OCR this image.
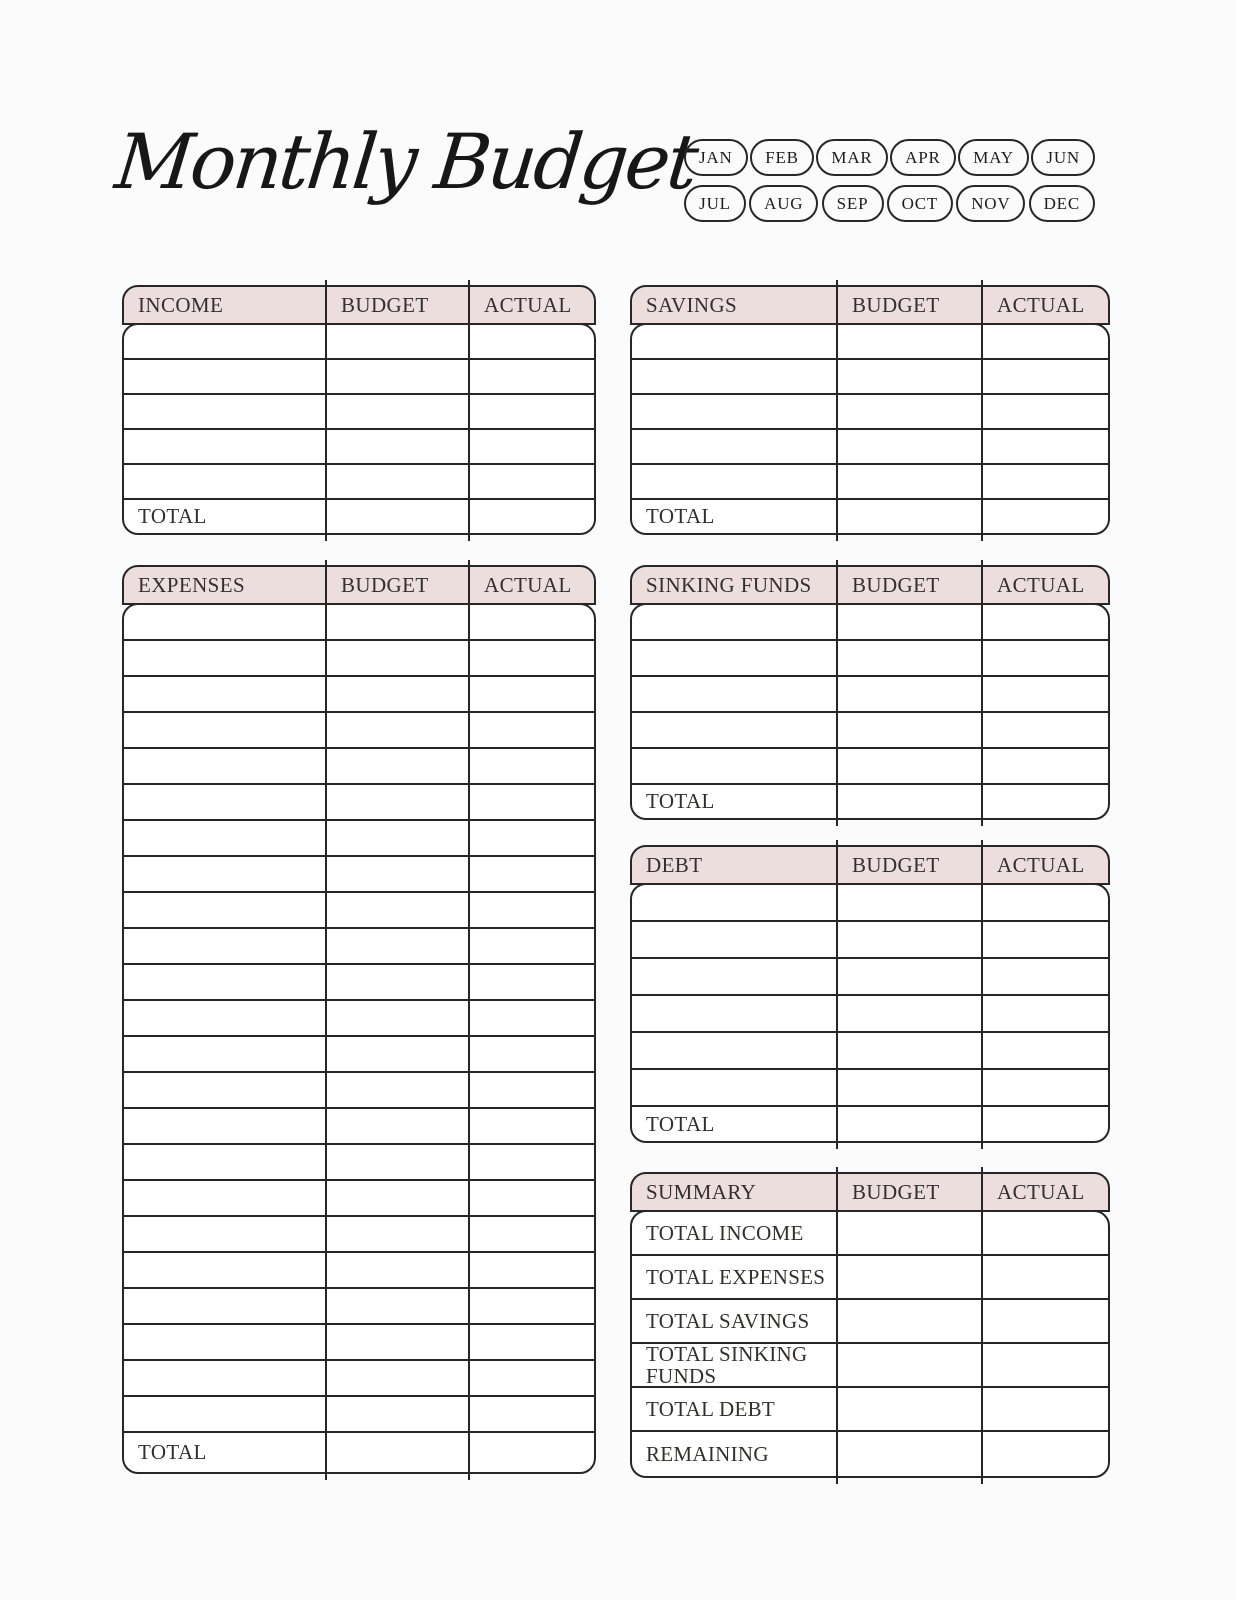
Monthly Budget JAN	FEB	MAR	APR	MAY	JUN
JUL	AUG	SEP	OCT	NOV	DEC
INCOME	BUDGET	ACTUAL
TOTAL
SAVINGS	BUDGET	ACTUAL
TOTAL
EXPENSES	BUDGET	ACTUAL
TOTAL
SINKING FUNDS	BUDGET	ACTUAL
TOTAL
DEBT	BUDGET	ACTUAL
TOTAL
SUMMARY	BUDGET	ACTUAL
TOTAL INCOME
TOTAL EXPENSES
TOTAL SAVINGS
TOTAL SINKING FUNDS
TOTAL DEBT
REMAINING
